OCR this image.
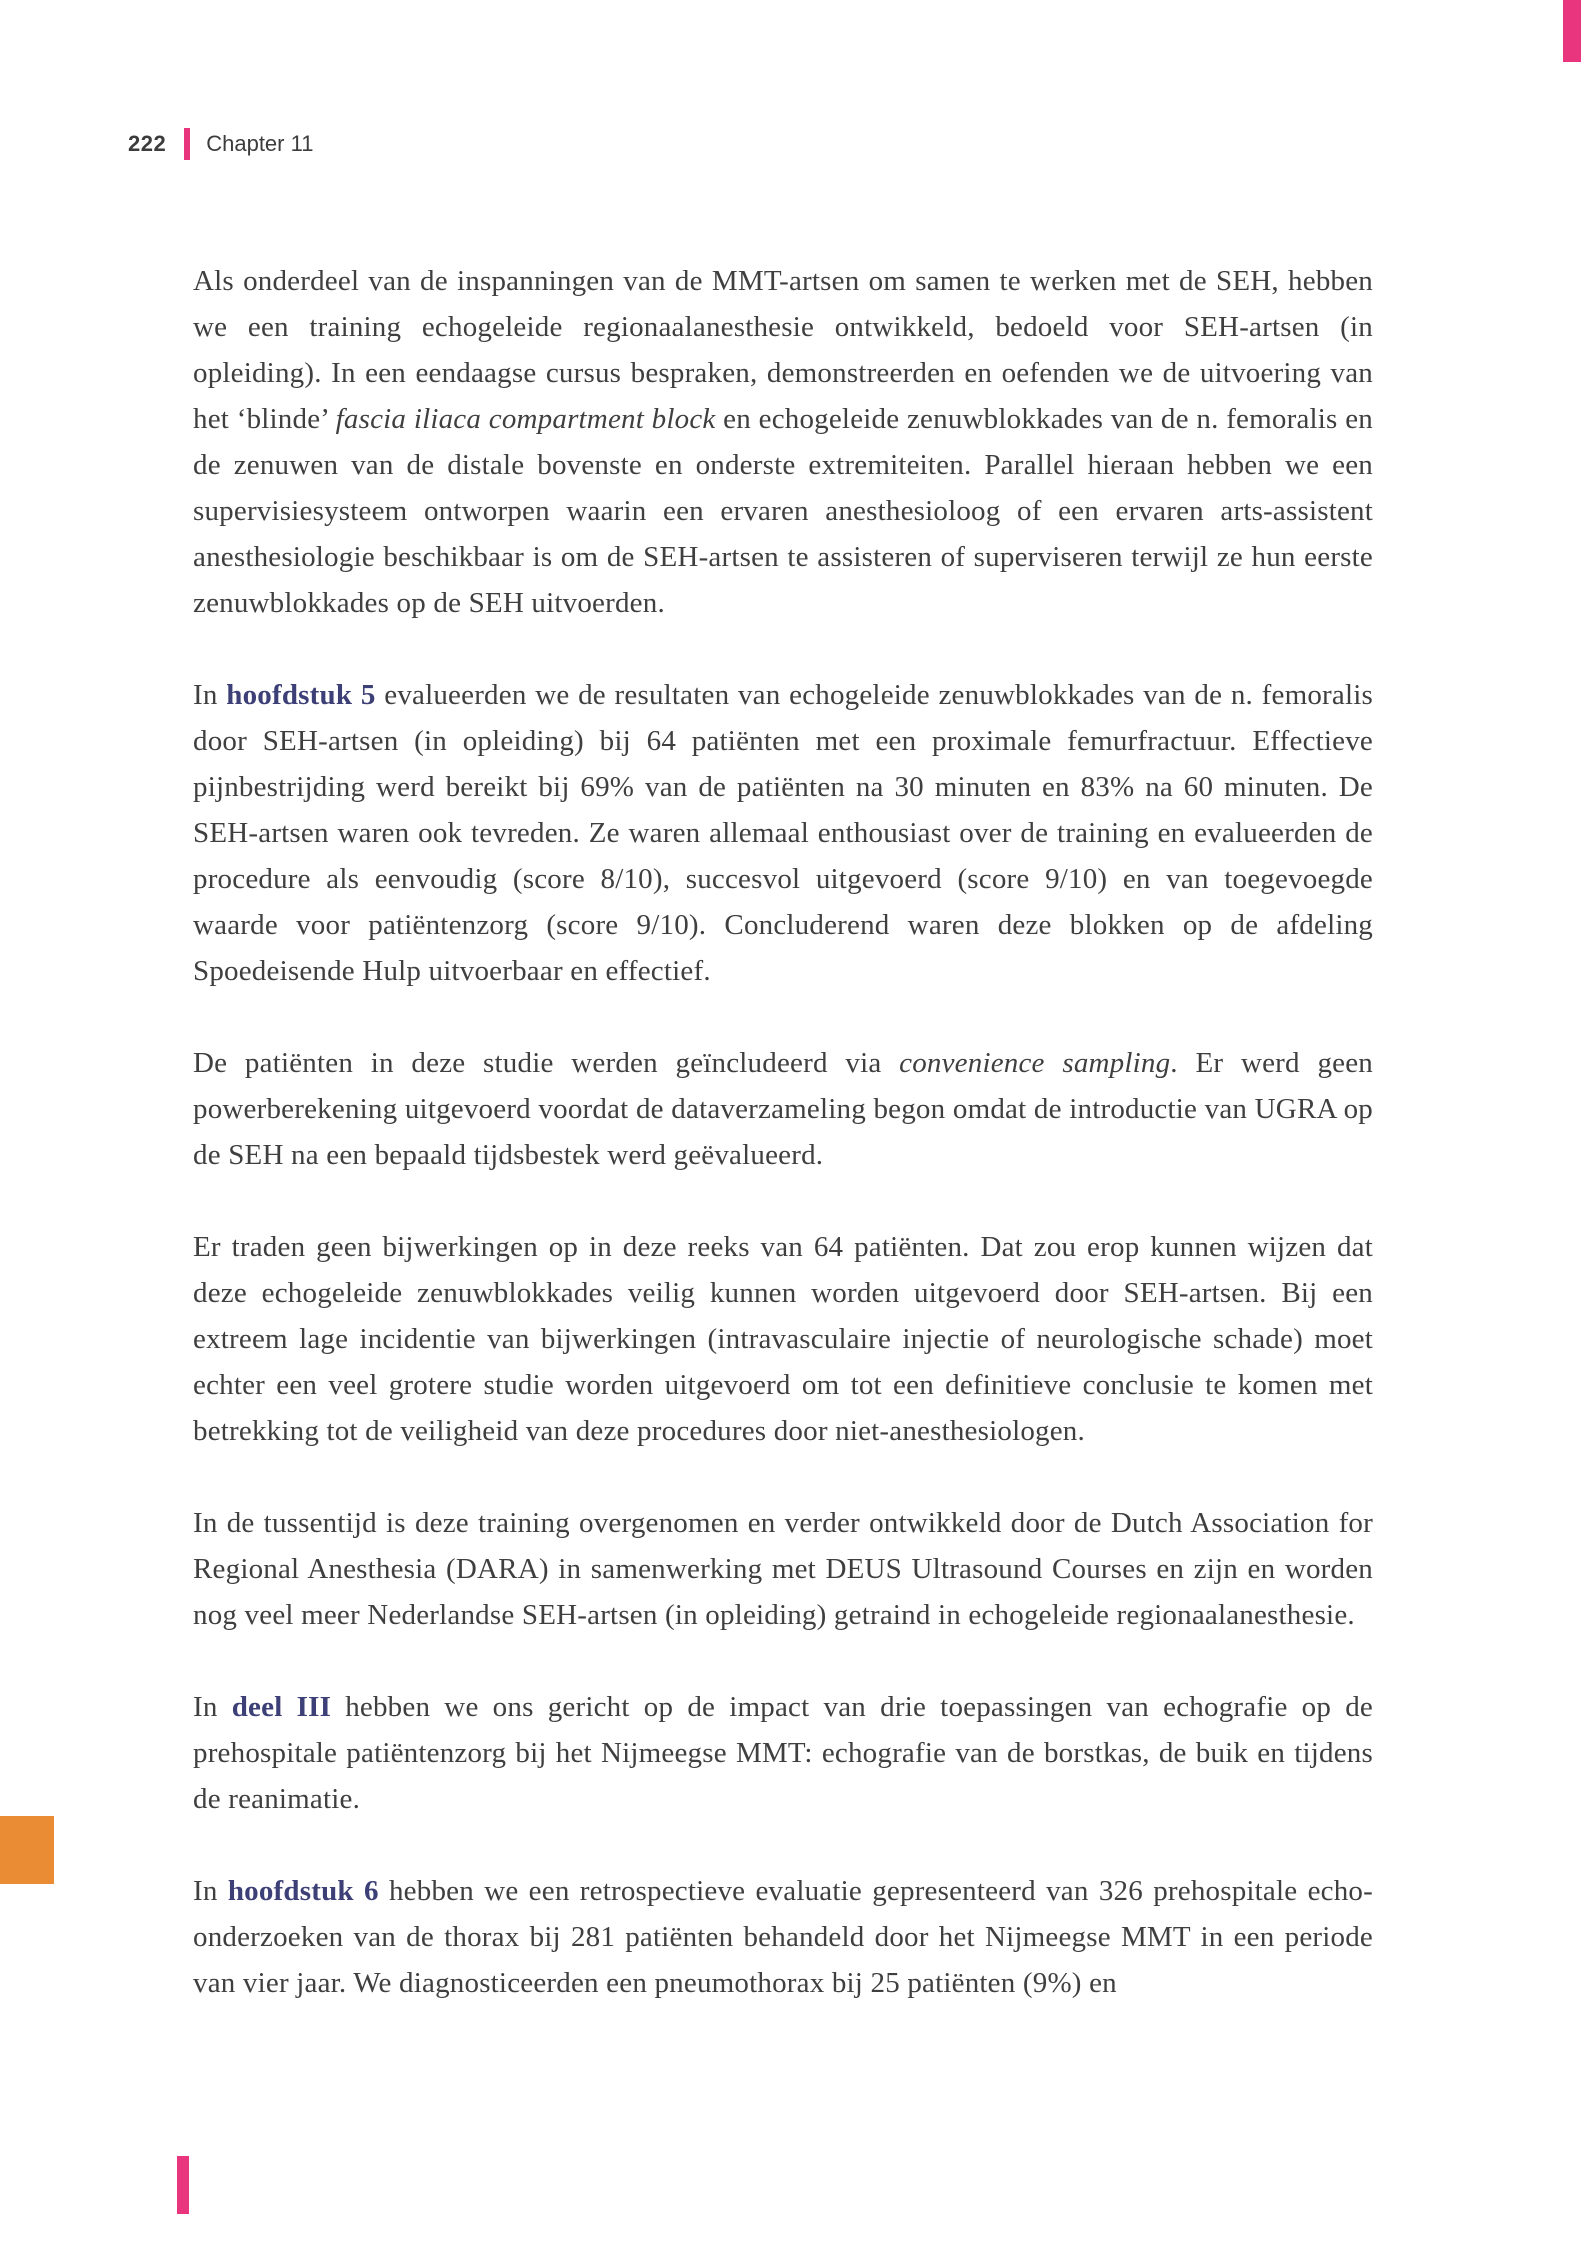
222 Chapter 11

Als onderdeel van de inspanningen van de MMT-artsen om samen te werken met de SEH, hebben we een training echogeleide regionaalanesthesie ontwikkeld, bedoeld voor SEH-artsen (in opleiding). In een eendaagse cursus bespraken, demonstreerden en oefenden we de uitvoering van het ‘blinde’ fascia iliaca compartment block en echogeleide zenuwblokkades van de n. femoralis en de zenuwen van de distale bovenste en onderste extremiteiten. Parallel hieraan hebben we een supervisiesysteem ontworpen waarin een ervaren anesthesioloog of een ervaren arts-assistent anesthesiologie beschikbaar is om de SEH-artsen te assisteren of superviseren terwijl ze hun eerste zenuwblokkades op de SEH uitvoerden.

In hoofdstuk 5 evalueerden we de resultaten van echogeleide zenuwblokkades van de n. femoralis door SEH-artsen (in opleiding) bij 64 patiënten met een proximale femurfractuur. Effectieve pijnbestrijding werd bereikt bij 69% van de patiënten na 30 minuten en 83% na 60 minuten. De SEH-artsen waren ook tevreden. Ze waren allemaal enthousiast over de training en evalueerden de procedure als eenvoudig (score 8/10), succesvol uitgevoerd (score 9/10) en van toegevoegde waarde voor patiëntenzorg (score 9/10). Concluderend waren deze blokken op de afdeling Spoedeisende Hulp uitvoerbaar en effectief.

De patiënten in deze studie werden geïncludeerd via convenience sampling. Er werd geen powerberekening uitgevoerd voordat de dataverzameling begon omdat de introductie van UGRA op de SEH na een bepaald tijdsbestek werd geëvalueerd.

Er traden geen bijwerkingen op in deze reeks van 64 patiënten. Dat zou erop kunnen wijzen dat deze echogeleide zenuwblokkades veilig kunnen worden uitgevoerd door SEH-artsen. Bij een extreem lage incidentie van bijwerkingen (intravasculaire injectie of neurologische schade) moet echter een veel grotere studie worden uitgevoerd om tot een definitieve conclusie te komen met betrekking tot de veiligheid van deze procedures door niet-anesthesiologen.

In de tussentijd is deze training overgenomen en verder ontwikkeld door de Dutch Association for Regional Anesthesia (DARA) in samenwerking met DEUS Ultrasound Courses en zijn en worden nog veel meer Nederlandse SEH-artsen (in opleiding) getraind in echogeleide regionaalanesthesie.

In deel III hebben we ons gericht op de impact van drie toepassingen van echografie op de prehospitale patiëntenzorg bij het Nijmeegse MMT: echografie van de borstkas, de buik en tijdens de reanimatie.

In hoofdstuk 6 hebben we een retrospectieve evaluatie gepresenteerd van 326 prehospitale echo-onderzoeken van de thorax bij 281 patiënten behandeld door het Nijmeegse MMT in een periode van vier jaar. We diagnosticeerden een pneumothorax bij 25 patiënten (9%) en
